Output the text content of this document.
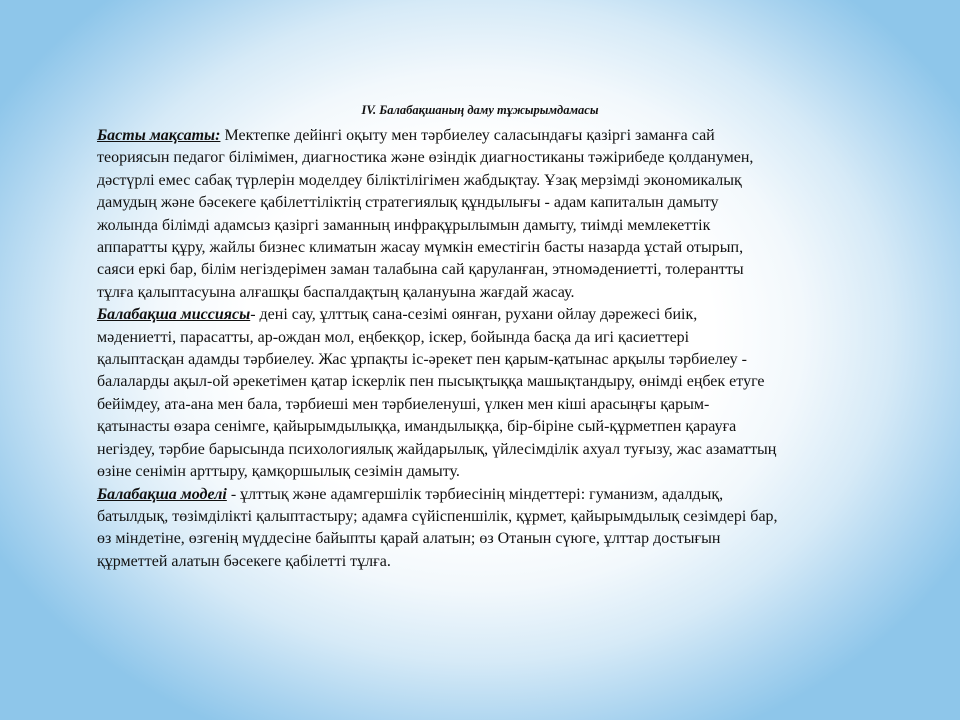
IV. Балабақшаның даму тұжырымдамасы
Басты мақсаты: Мектепке дейінгі оқыту мен тәрбиелеу саласындағы қазіргі заманға сай
теориясын педагог білімімен, диагностика және өзіндік диагностиканы тәжірибеде қолданумен,
дәстүрлі емес сабақ түрлерін моделдеу біліктілігімен жабдықтау. Ұзақ мерзімді экономикалық
дамудың және бәсекеге қабілеттіліктің стратегиялық құндылығы - адам капиталын дамыту
жолында білімді адамсыз қазіргі заманның инфрақұрылымын дамыту, тиімді мемлекеттік
аппаратты құру, жайлы бизнес климатын жасау мүмкін еместігін басты назарда ұстай отырып,
саяси еркі бар, білім негіздерімен заман талабына сай қаруланған, этномәдениетті, толерантты
тұлға қалыптасуына алғашқы баспалдақтың қалануына жағдай жасау.
Балабақша миссиясы- дені сау, ұлттық сана-сезімі оянған, рухани ойлау дәрежесі биік,
мәдениетті, парасатты, ар-ождан мол, еңбекқор, іскер, бойында басқа да игі қасиеттері
қалыптасқан адамды тәрбиелеу. Жас ұрпақты іс-әрекет пен қарым-қатынас арқылы тәрбиелеу -
балаларды ақыл-ой әрекетімен қатар іскерлік пен пысықтыққа машықтандыру, өнімді еңбек етуге
бейімдеу, ата-ана мен бала, тәрбиеші мен тәрбиеленуші, үлкен мен кіші арасыңғы қарым-
қатынасты өзара сенімге, қайырымдылыққа, имандылыққа, бір-біріне сый-құрметпен қарауға
негіздеу, тәрбие барысында психологиялық жайдарылық, үйлесімділік ахуал туғызу, жас азаматтың
өзіне сенімін арттыру, қамқоршылық сезімін дамыту.
Балабақша моделі - ұлттық және адамгершілік тәрбиесінің міндеттері: гуманизм, адалдық,
батылдық, төзімділікті қалыптастыру; адамға сүйіспеншілік, құрмет, қайырымдылық сезімдері бар,
өз міндетіне, өзгенің мүддесіне байыпты қарай алатын; өз Отанын сүюге, ұлттар достығын
құрметтей алатын бәсекеге қабілетті тұлға.
